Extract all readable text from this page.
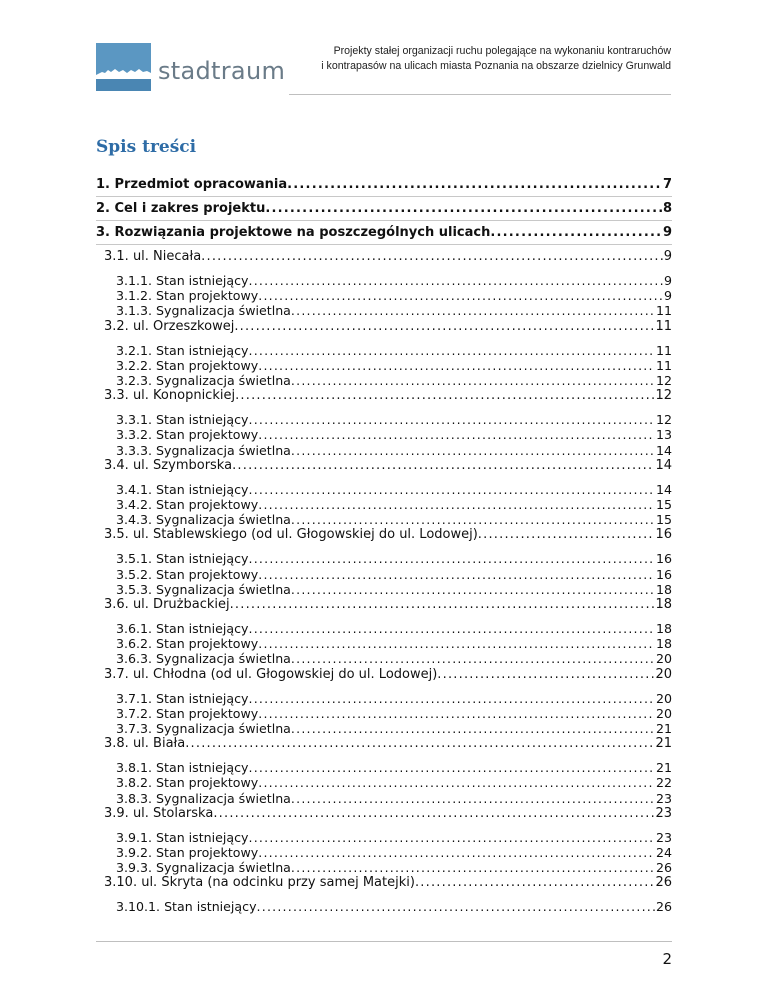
stadtraum
Projekty stałej organizacji ruchu polegające na wykonaniu kontraruchów
i kontrapasów na ulicach miasta Poznania na obszarze dzielnicy Grunwald
Spis treści
1. Przedmiot opracowania .....	7
2. Cel i zakres projektu .....	8
3. Rozwiązania projektowe na poszczególnych ulicach .....	9
3.1. ul. Niecała .....	9
3.1.1. Stan istniejący .....	9
3.1.2. Stan projektowy .....	9
3.1.3. Sygnalizacja świetlna .....	11
3.2. ul. Orzeszkowej .....	11
3.2.1. Stan istniejący .....	11
3.2.2. Stan projektowy .....	11
3.2.3. Sygnalizacja świetlna .....	12
3.3. ul. Konopnickiej .....	12
3.3.1. Stan istniejący .....	12
3.3.2. Stan projektowy .....	13
3.3.3. Sygnalizacja świetlna .....	14
3.4. ul. Szymborska .....	14
3.4.1. Stan istniejący .....	14
3.4.2. Stan projektowy .....	15
3.4.3. Sygnalizacja świetlna .....	15
3.5. ul. Stablewskiego (od ul. Głogowskiej do ul. Lodowej) .....	16
3.5.1. Stan istniejący .....	16
3.5.2. Stan projektowy .....	16
3.5.3. Sygnalizacja świetlna .....	18
3.6. ul. Drużbackiej .....	18
3.6.1. Stan istniejący .....	18
3.6.2. Stan projektowy .....	18
3.6.3. Sygnalizacja świetlna .....	20
3.7. ul. Chłodna (od ul. Głogowskiej do ul. Lodowej) .....	20
3.7.1. Stan istniejący .....	20
3.7.2. Stan projektowy .....	20
3.7.3. Sygnalizacja świetlna .....	21
3.8. ul. Biała .....	21
3.8.1. Stan istniejący .....	21
3.8.2. Stan projektowy .....	22
3.8.3. Sygnalizacja świetlna .....	23
3.9. ul. Stolarska .....	23
3.9.1. Stan istniejący .....	23
3.9.2. Stan projektowy .....	24
3.9.3. Sygnalizacja świetlna .....	26
3.10. ul. Skryta (na odcinku przy samej Matejki) .....	26
3.10.1. Stan istniejący .....	26
2
